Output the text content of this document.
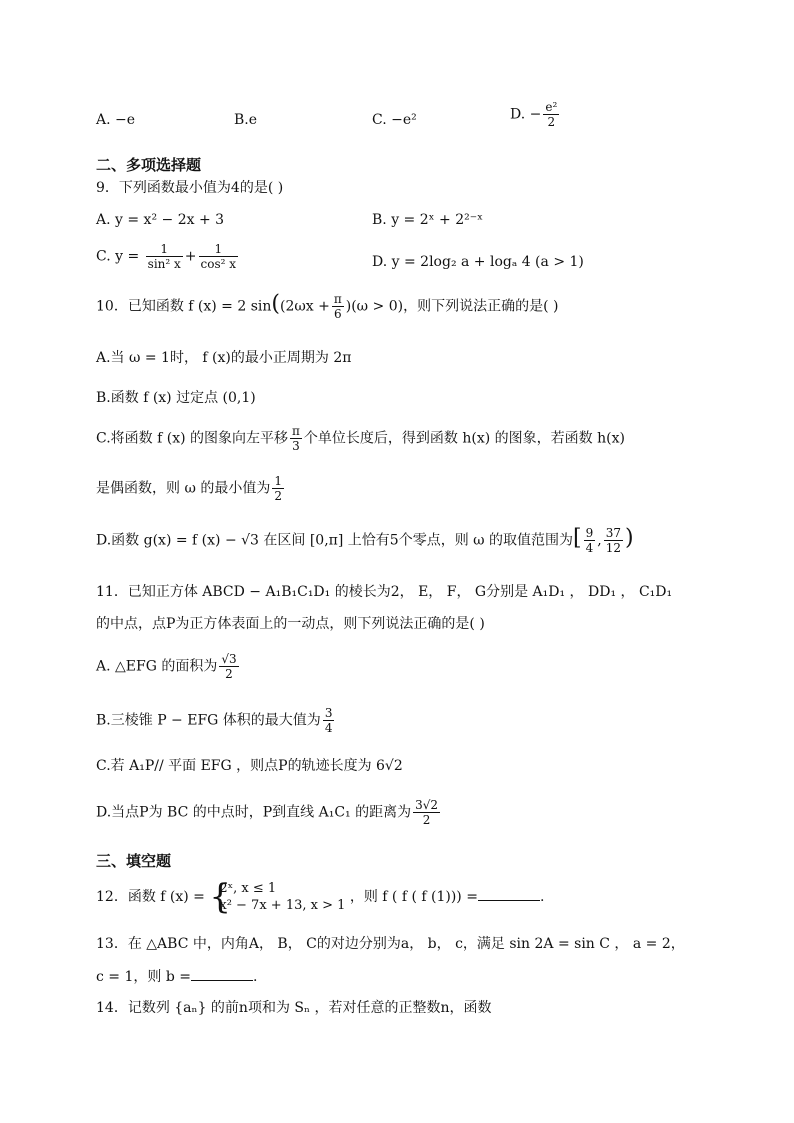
A. −e	B.e	C. −e²	D. − $\frac{\text{e²}}{2}$
二、多项选择题
9．下列函数最小值为4的是( )
A. y = x² − 2x + 3	B. y = 2ˣ + 2²⁻ˣ
C. $y = \frac{1}{\text{sin² x}} + \frac{1}{\text{cos² x}}$	D. y = 2log₂ a + logₐ 4 (a > 1)
10．已知函数 f (x) = 2 $\sin((2\omega x + \frac{\pi}{6} )(\omega > 0)$，则下列说法正确的是( )
A.当 ω = 1时， f (x)的最小正周期为 2π
B.函数 f (x) 过定点 (0,1)
C.将函数 f (x) 的图象向左平移 $\frac{\pi}{3}$ 个单位长度后，得到函数 h(x) 的图象，若函数 h(x)
是偶函数，则 ω 的最小值为 $\frac{1}{2}$
D.函数 g(x) = f (x) − √3 在区间 [0,π] 上恰有5个零点，则 ω 的取值范围为[ $\frac{9}{4}$ , $\frac{37}{12}$ )
11．已知正方体 ABCD − A₁B₁C₁D₁ 的棱长为2， E， F， G分别是 A₁D₁ ， DD₁ ， C₁D₁
的中点，点P为正方体表面上的一动点，则下列说法正确的是( )
A. △EFG 的面积为 $\frac{√3}{2}$
B.三棱锥 P − EFG 体积的最大值为 $\frac{3}{4}$
C.若 A₁P// 平面 EFG ，则点P的轨迹长度为 6√2
D.当点P为 BC 的中点时，P到直线 A₁C₁ 的距离为 $\frac{3√2}{2}$
三、填空题
12．函数 f (x) = {
2ˣ, x ≤ 1
x² − 7x + 13, x > 1
，则 f ( f ( f (1))) =	.
13．在 △ABC 中，内角A， B， C的对边分别为a， b， c，满足 sin 2A = sin C ， a = 2，
c = 1，则 b =	.
14．记数列 {aₙ} 的前n项和为 Sₙ ，若对任意的正整数n，函数
